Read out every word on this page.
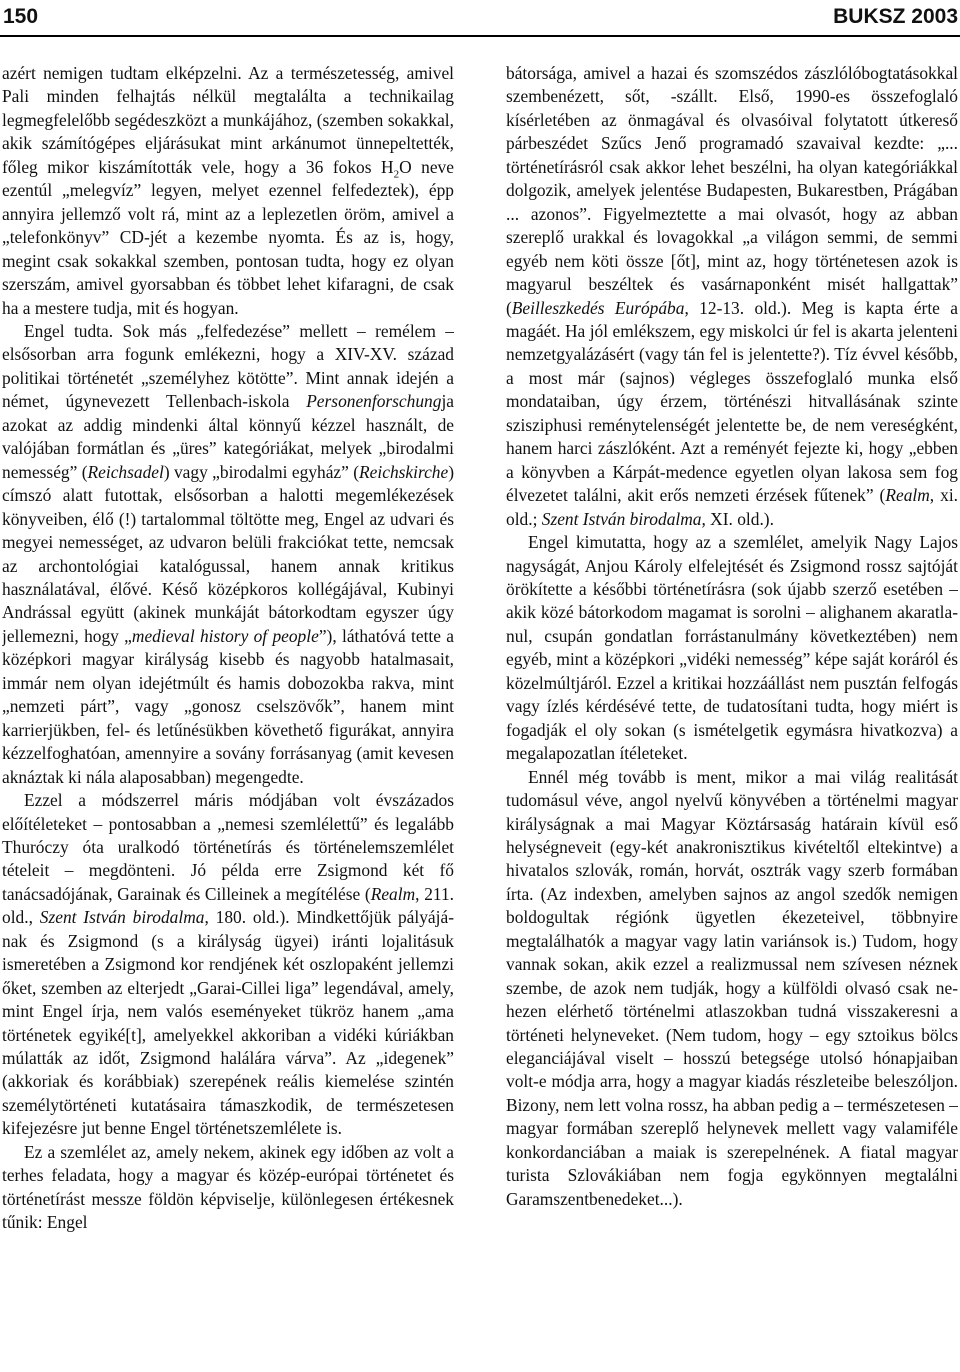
150	BUKSZ 2003

azért nemigen tudtam elképzelni. Az a természetesség, amivel Pali minden felhajtás nélkül megtalálta a technikailag legmegfelelőbb segédeszközt a munkájához, (szemben sokakkal, akik számítógépes eljárásukat mint arkánumot ünnepeltették, főleg mikor kiszámították vele, hogy a 36 fokos $H_2O$ neve ezentúl „melegvíz” legyen, melyet ezennel felfedeztek), épp annyira jellemző volt rá, mint az a leplezetlen öröm, amivel a „telefonkönyv” CD-jét a kezembe nyomta. És az is, hogy, megint csak sokakkal szemben, pontosan tudta, hogy ez olyan szerszám, amivel gyorsabban és többet lehet kifaragni, de csak ha a mestere tudja, mit és hogyan.

Engel tudta. Sok más „felfedezése” mellett – remélem – elsősorban arra fogunk emlékezni, hogy a XIV-XV. század politikai történetét „személyhez kötötte”. Mint annak idején a német, úgynevezett Tellenbach-iskola Personenforschungja azokat az addig mindenki által könnyű kézzel használt, de valójában formátlan és „üres” kategóriákat, melyek „birodalmi nemesség” (Reichsadel) vagy „birodalmi egyház” (Reichskirche) címszó alatt futottak, elsősorban a halotti megemlékezések könyveiben, élő (!) tartalommal töltötte meg, Engel az udvari és megyei nemességet, az udvaron belüli frakciókat tette, nemcsak az archontológiai katalógussal, hanem annak kritikus használatával, élővé. Késő középkoros kollégájával, Kubinyi Andrással együtt (akinek munkáját bátorkodtam egyszer úgy jellemezni, hogy „medieval history of people”), láthatóvá tette a középkori magyar királyság kisebb és nagyobb hatalmasait, immár nem olyan idejétmúlt és hamis dobozokba rakva, mint „nemzeti párt”, vagy „gonosz cselszövők”, hanem mint karrierjükben, fel- és letűnésükben követhető figurákat, annyira kézzelfoghatóan, amennyire a sovány forrásanyag (amit kevesen aknáztak ki nála alaposabban) megengedte.

Ezzel a módszerrel máris módjában volt évszázados előítéleteket – pontosabban a „nemesi szemlélettű” és legalább Thuróczy óta uralkodó történetírás és történelemszemlélet tételeit – megdönteni. Jó példa erre Zsigmond két fő tanácsadójának, Garainak és Cilleinek a megítélése (Realm, 211. old., Szent István birodalma, 180. old.). Mindkettőjük pályájának és Zsigmond (s a királyság ügyei) iránti lojalitásuk ismeretében a Zsigmond kor rendjének két oszlopaként jellemzi őket, szemben az elterjedt „Garai-Cillei liga” legendával, amely, mint Engel írja, nem valós eseményeket tükröz hanem „ama történetek egyiké[t], amelyekkel akkoriban a vidéki kúriákban múlatták az időt, Zsigmond halálára várva”. Az „idegenek” (akkoriak és korábbiak) szerepének reális kiemelése szintén személytörténeti kutatásaira támaszkodik, de természetesen kifejezésre jut benne Engel történetszemlélete is.

Ez a szemlélet az, amely nekem, akinek egy időben az volt a terhes feladata, hogy a magyar és közép-európai történetet és történetírást messze földön képviselje, különlegesen értékesnek tűnik: Engel

bátorsága, amivel a hazai és szomszédos zászlólóbogtatásokkal szembenézett, sőt, -szállt. Első, 1990-es összefoglaló kísérletében az önmagával és olvasóival folytatott útkereső párbeszédet Szűcs Jenő programadó szavaival kezdte: „... történetírásról csak akkor lehet beszélni, ha olyan kategóriákkal dolgozik, amelyek jelentése Budapesten, Bukarestben, Prágában ... azonos”. Figyelmeztette a mai olvasót, hogy az abban szereplő urakkal és lovagokkal „a világon semmi, de semmi egyéb nem köti össze [őt], mint az, hogy történetesen azok is magyarul beszéltek és vasárnaponként misét hallgattak” (Beilleszkedés Európába, 12-13. old.). Meg is kapta érte a magáét. Ha jól emlékszem, egy miskolci úr fel is akarta jelenteni nemzetgyalázásért (vagy tán fel is jelentette?). Tíz évvel később, a most már (sajnos) végleges összefoglaló munka első mondataiban, úgy érzem, történészi hitvallásának szinte szisziphusi reménytelenségét jelentette be, de nem vereségként, hanem harci zászlóként. Azt a reményét fejezte ki, hogy „ebben a könyvben a Kárpát-medence egyetlen olyan lakosa sem fog élvezetet találni, akit erős nemzeti érzések fűtenek” (Realm, xi. old.; Szent István birodalma, XI. old.).

Engel kimutatta, hogy az a szemlélet, amelyik Nagy Lajos nagyságát, Anjou Károly elfelejtését és Zsigmond rossz sajtóját örökítette a későbbi történetírásra (sok újabb szerző esetében – akik közé bátorkodom magamat is sorolni – alighanem akaratlanul, csupán gondatlan forrástanulmány következtében) nem egyéb, mint a középkori „vidéki nemesség” képe saját koráról és közelmúltjáról. Ezzel a kritikai hozzáállást nem pusztán felfogás vagy ízlés kérdésévé tette, de tudatosítani tudta, hogy miért is fogadják el oly sokan (s ismételgetik egymásra hivatkozva) a megalapozatlan ítéleteket.

Ennél még tovább is ment, mikor a mai világ realitását tudomásul véve, angol nyelvű könyvében a történelmi magyar királyságnak a mai Magyar Köztársaság határain kívül eső helységneveit (egy-két anakronisztikus kivételtől eltekintve) a hivatalos szlovák, román, horvát, osztrák vagy szerb formában írta. (Az indexben, amelyben sajnos az angol szedők nemigen boldogultak régiónk ügyetlen ékezeteivel, többnyire megtalálhatók a magyar vagy latin variánsok is.) Tudom, hogy vannak sokan, akik ezzel a realizmussal nem szívesen néznek szembe, de azok nem tudják, hogy a külföldi olvasó csak nehezen elérhető történelmi atlaszokban tudná visszakeresni a történeti helyneveket. (Nem tudom, hogy – egy sztoikus bölcs eleganciájával viselt – hosszú betegsége utolsó hónapjaiban volt-e módja arra, hogy a magyar kiadás részleteibe beleszóljon. Bizony, nem lett volna rossz, ha abban pedig a – természetesen – magyar formában szereplő helynevek mellett vagy valamiféle konkordanciában a maiak is szerepelnének. A fiatal magyar turista Szlovákiában nem fogja egykönnyen megtalálni Garamszentbenedeket...).
